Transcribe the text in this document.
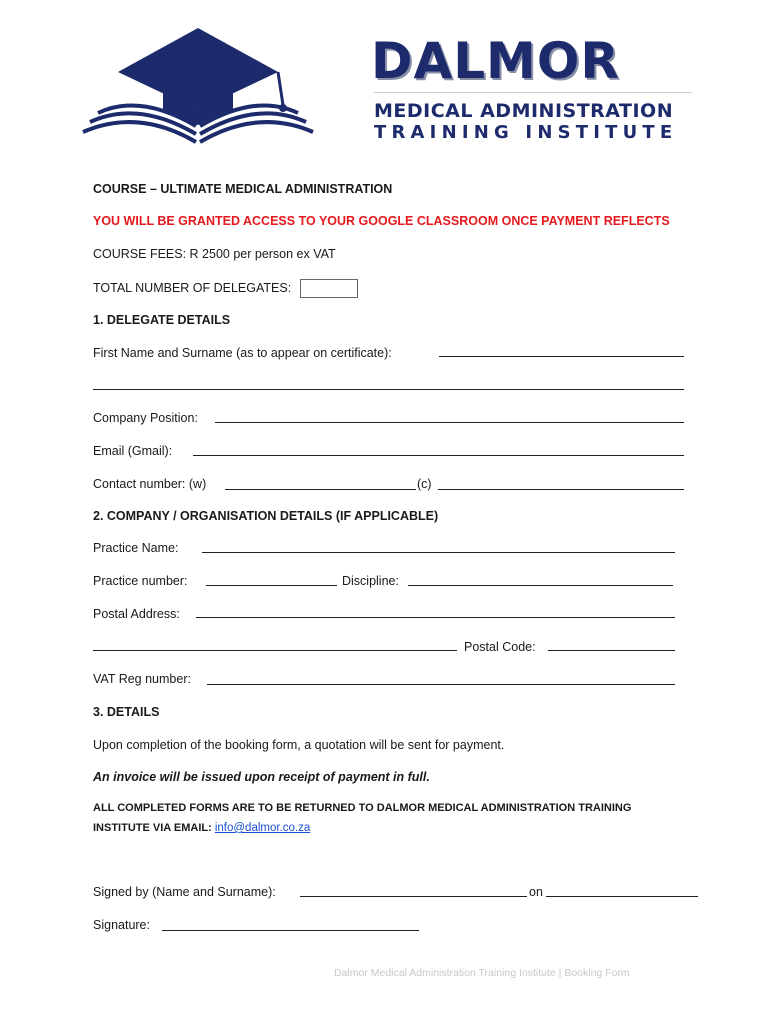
DALMOR
MEDICAL ADMINISTRATION
TRAINING INSTITUTE
COURSE – ULTIMATE MEDICAL ADMINISTRATION
YOU WILL BE GRANTED ACCESS TO YOUR GOOGLE CLASSROOM ONCE PAYMENT REFLECTS
COURSE FEES: R 2500 per person ex VAT
TOTAL NUMBER OF DELEGATES:
1. DELEGATE DETAILS
First Name and Surname (as to appear on certificate):
Company Position:
Email (Gmail):
Contact number: (w)	(c)
2. COMPANY / ORGANISATION DETAILS (IF APPLICABLE)
Practice Name:
Practice number:	Discipline:
Postal Address:
Postal Code:
VAT Reg number:
3. DETAILS
Upon completion of the booking form, a quotation will be sent for payment.
An invoice will be issued upon receipt of payment in full.
ALL COMPLETED FORMS ARE TO BE RETURNED TO DALMOR MEDICAL ADMINISTRATION TRAINING
INSTITUTE VIA EMAIL: info@dalmor.co.za
Signed by (Name and Surname):	on
Signature:
Dalmor Medical Administration Training Institute | Booking Form
